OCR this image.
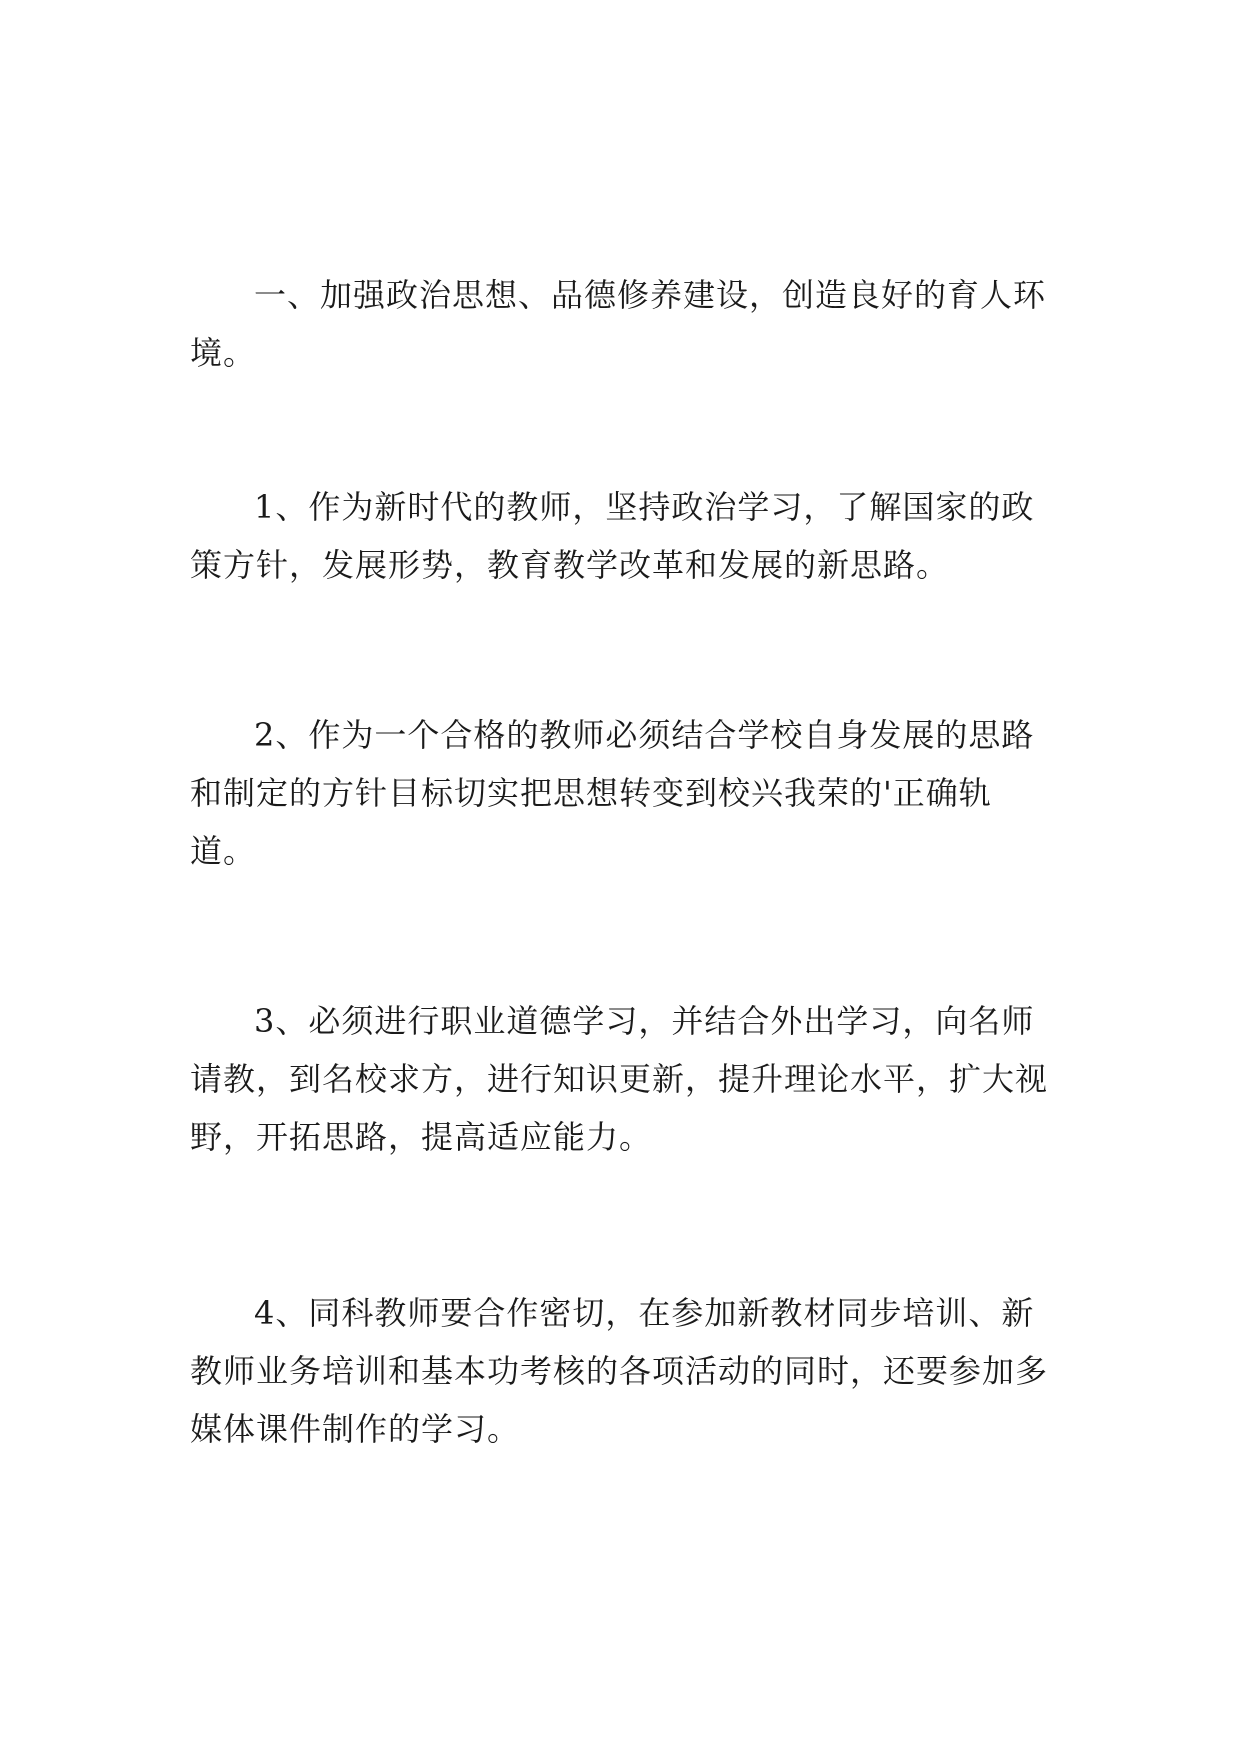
一、加强政治思想、品德修养建设，创造良好的育人环境。

1、作为新时代的教师，坚持政治学习，了解国家的政策方针，发展形势，教育教学改革和发展的新思路。

2、作为一个合格的教师必须结合学校自身发展的思路和制定的方针目标切实把思想转变到校兴我荣的'正确轨道。

3、必须进行职业道德学习，并结合外出学习，向名师请教，到名校求方，进行知识更新，提升理论水平，扩大视野，开拓思路，提高适应能力。

4、同科教师要合作密切，在参加新教材同步培训、新教师业务培训和基本功考核的各项活动的同时，还要参加多媒体课件制作的学习。
